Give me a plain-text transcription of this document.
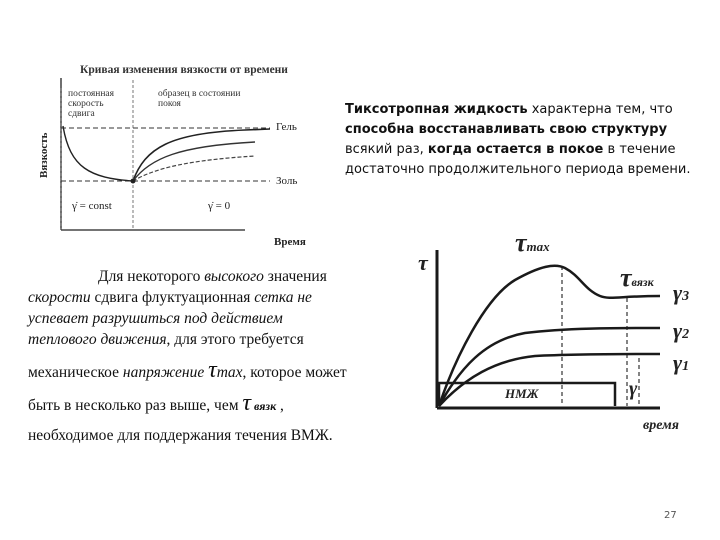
Кривая изменения вязкости от времени
постоянная
скорость
сдвига
образец в состоянии
покоя
Вязкость
Гель
Золь
γ̇ = const	γ̇ = 0
Время
Тиксотропная жидкость характерна тем, что способна восстанавливать свою структуру всякий раз, когда остается в покое в течение достаточно продолжительного периода времени.
Для некоторого высокого значения
скорости сдвига флуктуационная сетка не
успевает разрушиться под действием
теплового движения, для этого требуется
механическое напряжение τmax, которое может
быть в несколько раз выше, чем τ вязк ,
необходимое для поддержания течения ВМЖ.
τ
τmax
τвязк
НМЖ
время
γ3
γ2
γ1
γ
27
